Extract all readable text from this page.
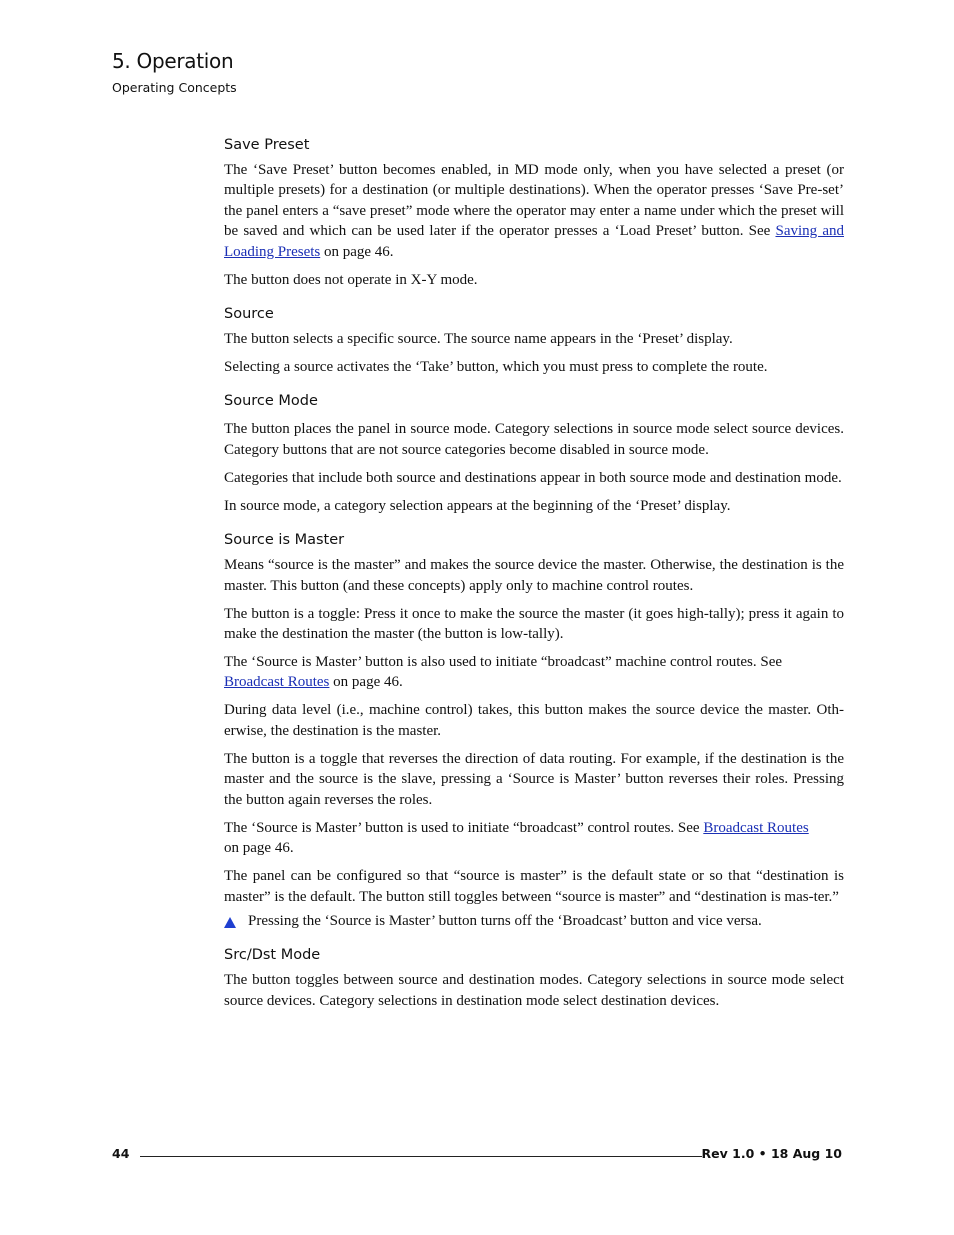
5. Operation
Operating Concepts
Save Preset

The ‘Save Preset’ button becomes enabled, in MD mode only, when you have selected a preset (or multiple presets) for a destination (or multiple destinations). When the operator presses ‘Save Pre-set’ the panel enters a “save preset” mode where the operator may enter a name under which the preset will be saved and which can be used later if the operator presses a ‘Load Preset’ button. See Saving and Loading Presets on page 46.

The button does not operate in X-Y mode.

Source

The button selects a specific source. The source name appears in the ‘Preset’ display.

Selecting a source activates the ‘Take’ button, which you must press to complete the route.

Source Mode

The button places the panel in source mode. Category selections in source mode select source devices. Category buttons that are not source categories become disabled in source mode.

Categories that include both source and destinations appear in both source mode and destination mode.

In source mode, a category selection appears at the beginning of the ‘Preset’ display.

Source is Master

Means “source is the master” and makes the source device the master. Otherwise, the destination is the master. This button (and these concepts) apply only to machine control routes.

The button is a toggle: Press it once to make the source the master (it goes high-tally); press it again to make the destination the master (the button is low-tally).

The ‘Source is Master’ button is also used to initiate “broadcast” machine control routes. See
Broadcast Routes on page 46.

During data level (i.e., machine control) takes, this button makes the source device the master. Oth-erwise, the destination is the master.

The button is a toggle that reverses the direction of data routing. For example, if the destination is the master and the source is the slave, pressing a ‘Source is Master’ button reverses their roles. Pressing the button again reverses the roles.

The ‘Source is Master’ button is used to initiate “broadcast” control routes. See Broadcast Routes
on page 46.

The panel can be configured so that “source is master” is the default state or so that “destination is master” is the default. The button still toggles between “source is master” and “destination is mas-ter.”

Pressing the ‘Source is Master’ button turns off the ‘Broadcast’ button and vice versa.
Src/Dst Mode

The button toggles between source and destination modes. Category selections in source mode select source devices. Category selections in destination mode select destination devices.

44	Rev 1.0 • 18 Aug 10
